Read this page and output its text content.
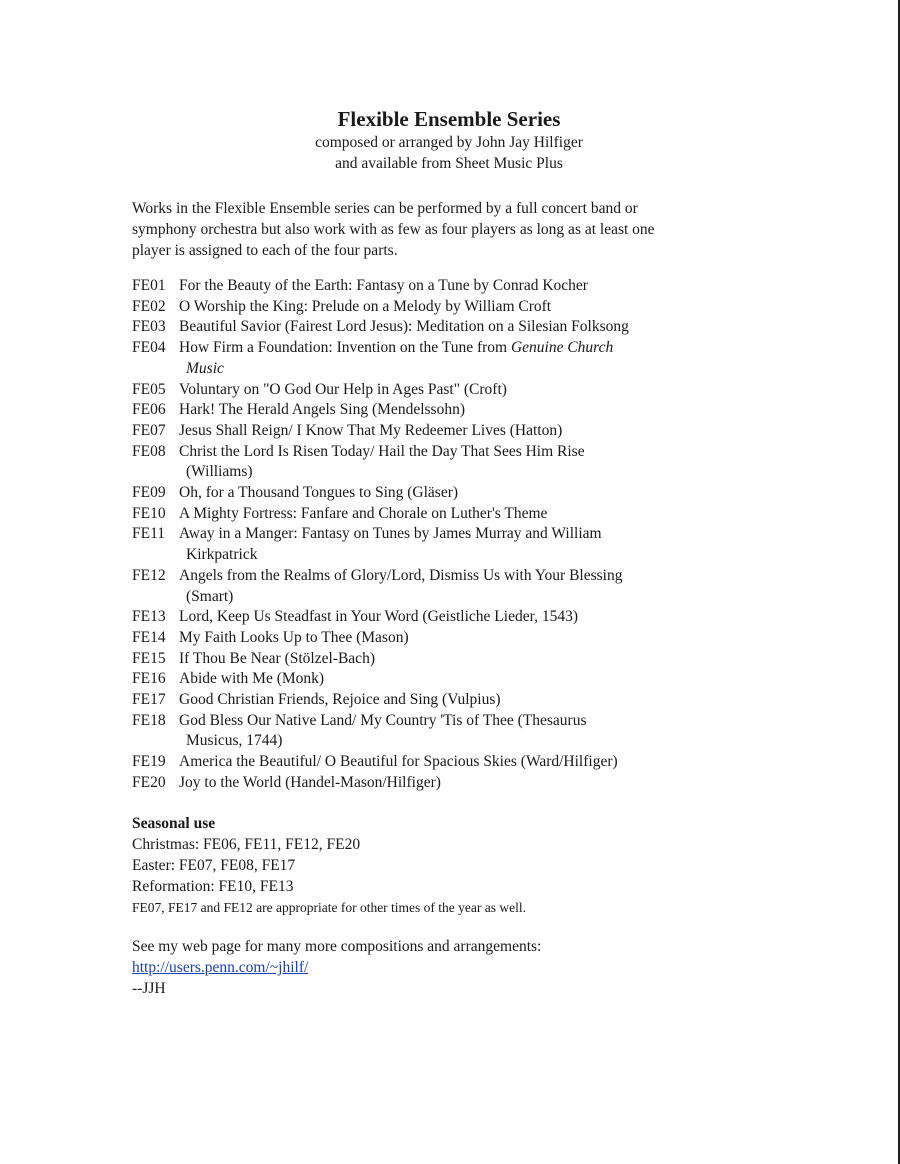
Flexible Ensemble Series
composed or arranged by John Jay Hilfiger
and available from Sheet Music Plus
Works in the Flexible Ensemble series can be performed by a full concert band or
symphony orchestra but also work with as few as four players as long as at least one
player is assigned to each of the four parts.
FE01 For the Beauty of the Earth: Fantasy on a Tune by Conrad Kocher
FE02 O Worship the King: Prelude on a Melody by William Croft
FE03 Beautiful Savior (Fairest Lord Jesus): Meditation on a Silesian Folksong
FE04 How Firm a Foundation: Invention on the Tune from Genuine Church
Music
FE05 Voluntary on "O God Our Help in Ages Past" (Croft)
FE06 Hark! The Herald Angels Sing (Mendelssohn)
FE07 Jesus Shall Reign/ I Know That My Redeemer Lives (Hatton)
FE08 Christ the Lord Is Risen Today/ Hail the Day That Sees Him Rise
(Williams)
FE09 Oh, for a Thousand Tongues to Sing (Gläser)
FE10 A Mighty Fortress: Fanfare and Chorale on Luther's Theme
FE11 Away in a Manger: Fantasy on Tunes by James Murray and William
Kirkpatrick
FE12 Angels from the Realms of Glory/Lord, Dismiss Us with Your Blessing
(Smart)
FE13 Lord, Keep Us Steadfast in Your Word (Geistliche Lieder, 1543)
FE14 My Faith Looks Up to Thee (Mason)
FE15 If Thou Be Near (Stölzel-Bach)
FE16 Abide with Me (Monk)
FE17 Good Christian Friends, Rejoice and Sing (Vulpius)
FE18 God Bless Our Native Land/ My Country 'Tis of Thee (Thesaurus
Musicus, 1744)
FE19 America the Beautiful/ O Beautiful for Spacious Skies (Ward/Hilfiger)
FE20 Joy to the World (Handel-Mason/Hilfiger)
Seasonal use
Christmas: FE06, FE11, FE12, FE20
Easter: FE07, FE08, FE17
Reformation: FE10, FE13
FE07, FE17 and FE12 are appropriate for other times of the year as well.
See my web page for many more compositions and arrangements:
http://users.penn.com/~jhilf/
--JJH
